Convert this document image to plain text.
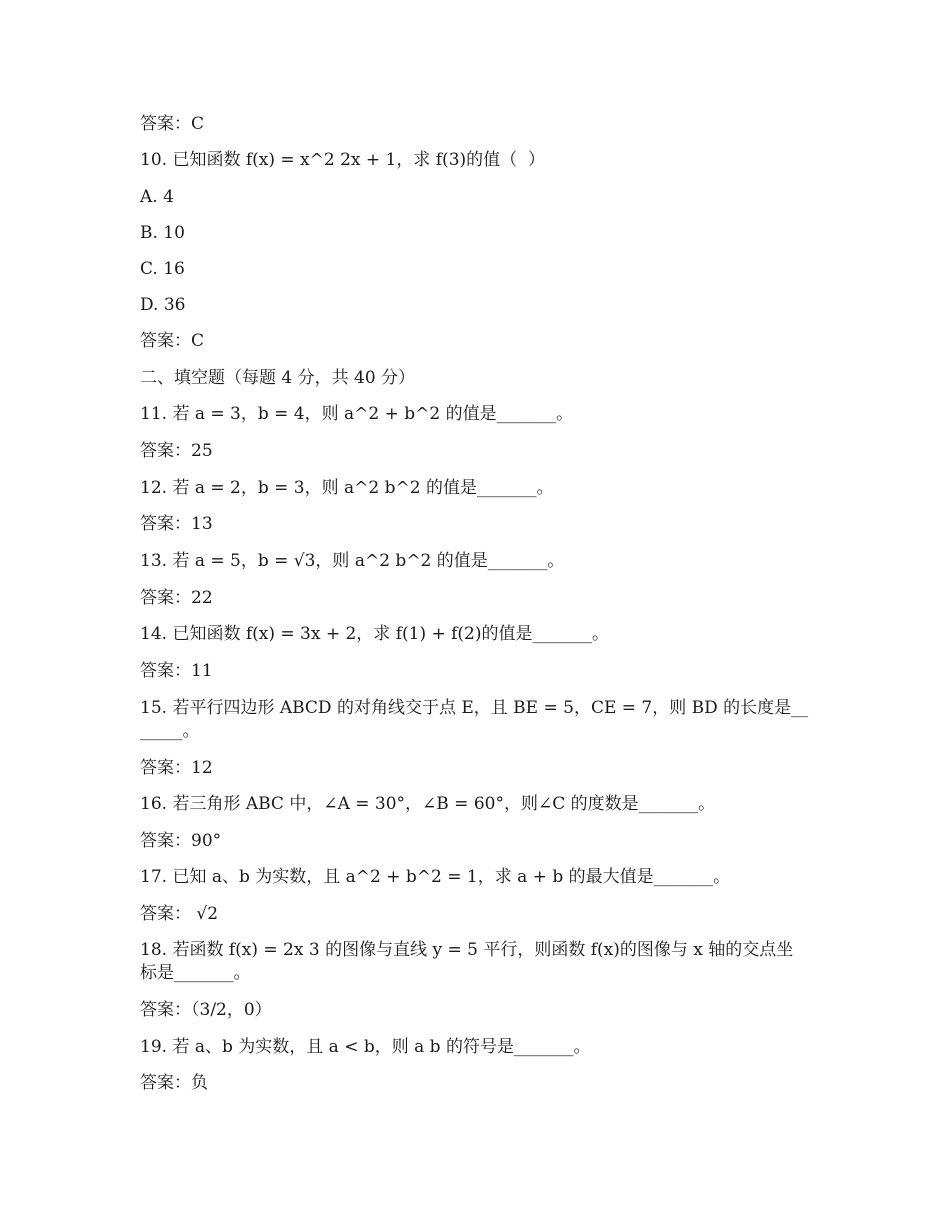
答案：C
10. 已知函数 f(x) = x^2 2x + 1，求 f(3)的值（  ）
A. 4
B. 10
C. 16
D. 36
答案：C
二、填空题（每题 4 分，共 40 分）
11. 若 a = 3，b = 4，则 a^2 + b^2 的值是_______。
答案：25
12. 若 a = 2，b = 3，则 a^2 b^2 的值是_______。
答案：13
13. 若 a = 5，b = √3，则 a^2 b^2 的值是_______。
答案：22
14. 已知函数 f(x) = 3x + 2，求 f(1) + f(2)的值是_______。
答案：11
15. 若平行四边形 ABCD 的对角线交于点 E，且 BE = 5，CE = 7，则 BD 的长度是_______。
答案：12
16. 若三角形 ABC 中，∠A = 30°，∠B = 60°，则∠C 的度数是_______。
答案：90°
17. 已知 a、b 为实数，且 a^2 + b^2 = 1，求 a + b 的最大值是_______。
答案： √2
18. 若函数 f(x) = 2x 3 的图像与直线 y = 5 平行，则函数 f(x)的图像与 x 轴的交点坐标是_______。
答案：（3/2，0）
19. 若 a、b 为实数，且 a < b，则 a b 的符号是_______。
答案：负
